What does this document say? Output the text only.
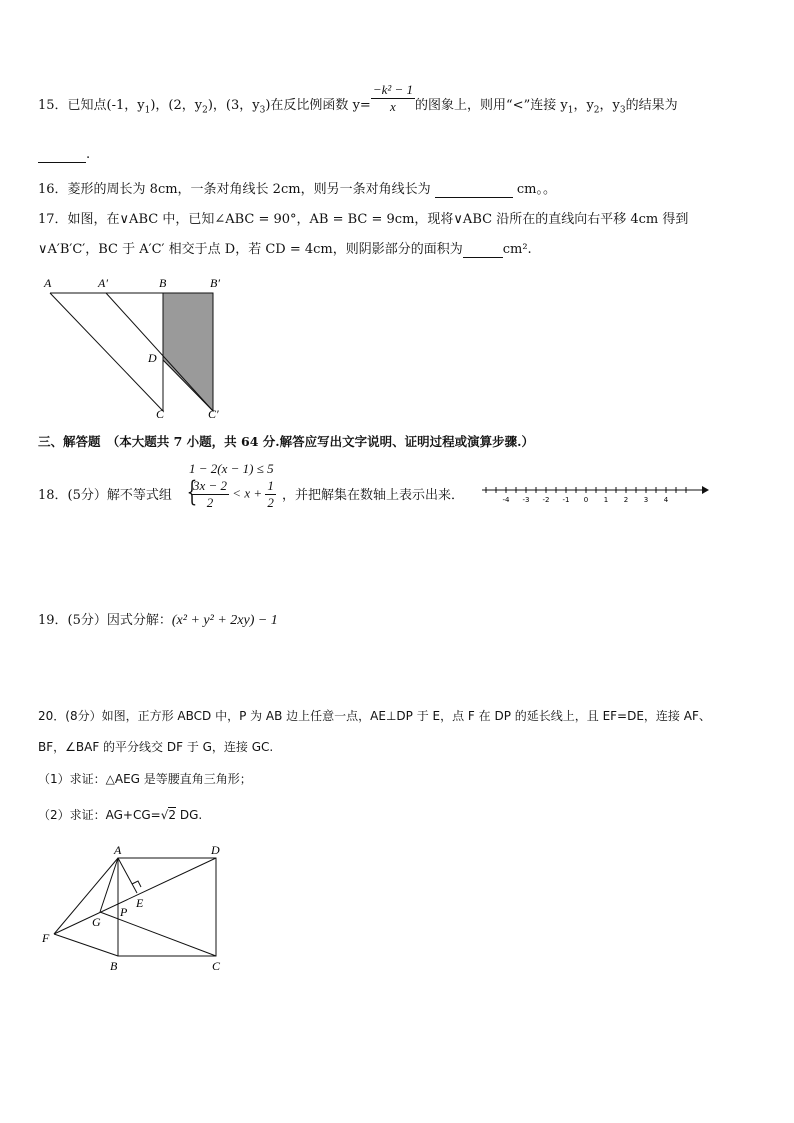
15．已知点(-1，$y_1$)，(2，$y_2$)，(3，$y_3$)在反比例函数 $y= \frac{\text{−k² − 1}}{x}$ 的图象上，则用“<”连接 $y_1$，$y_2$，$y_3$的结果为
.
16．菱形的周长为 8cm，一条对角线长 2cm，则另一条对角线长为	cm。。
17．如图，在∨ABC 中，已知∠ABC = 90°，AB = BC = 9cm，现将∨ABC 沿所在的直线向右平移 4cm 得到
∨A′B′C′，BC 于 A′C′ 相交于点 D，若 CD = 4cm，则阴影部分的面积为	cm².
A	A′	B	B′
D
C	C′
三、解答题　（本大题共 7 小题，共 64 分.解答应写出文字说明、证明过程或演算步骤.）
1 − 2(x − 1) ≤ 5
{
18．(5分）解不等式组 $\frac{3x - 2}{2} < x + \frac{1}{2}$ ，并把解集在数轴上表示出来．	-4 -3 -2 -1 0 1 2 3 4
19．(5分）因式分解：(x² + y² + 2xy) − 1
20．(8分）如图，正方形 ABCD 中，P 为 AB 边上任意一点，AE⊥DP 于 E，点 F 在 DP 的延长线上，且 EF=DE，连接 AF、
BF，∠BAF 的平分线交 DF 于 G，连接 GC.
（1）求证：△AEG 是等腰直角三角形；
（2）求证：AG+CG=√2 DG.
A	D
E
P
G
F
B	C
